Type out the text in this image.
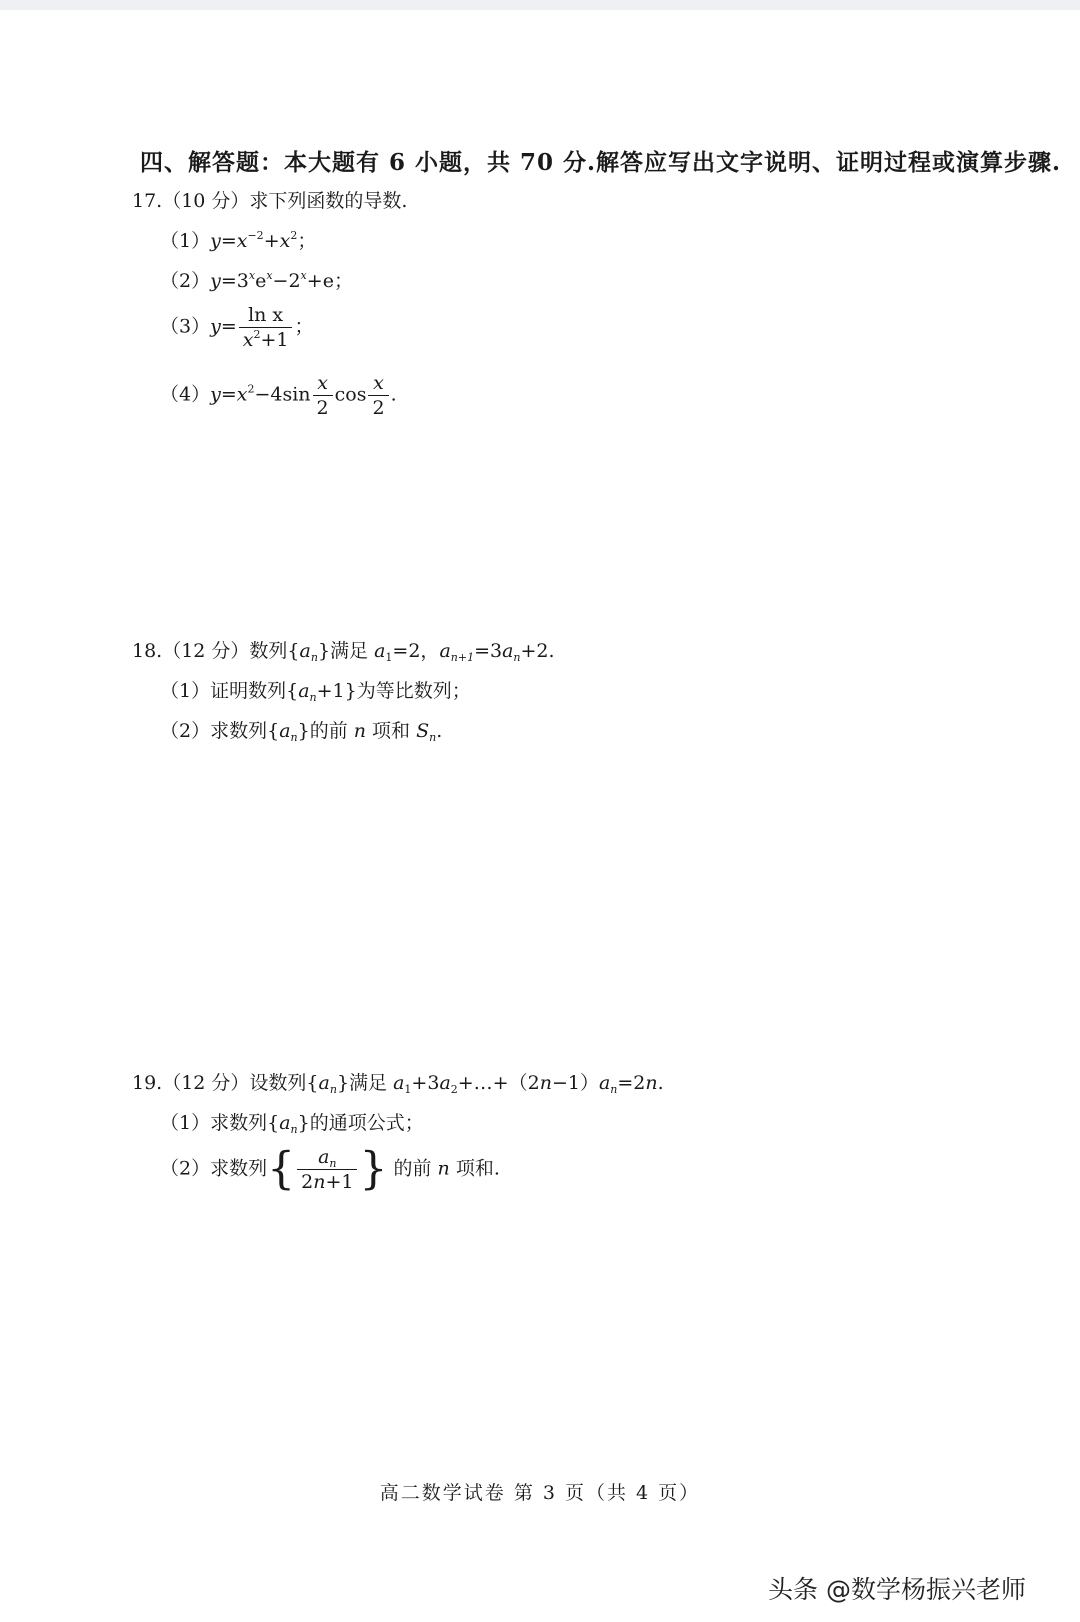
四、解答题：本大题有 6 小题，共 70 分.解答应写出文字说明、证明过程或演算步骤.
17.（10 分）求下列函数的导数.
$(1)y=x^{-2}+x^2$；
$(2)y=3^xe^x-2^x+e$；
$(3)y= \frac{\text{ln x}}{x^2+1}$ ；
$(4)y=x^2-4\sin \frac{x}{2}$ $\cos \frac{x}{2}$ .
18.（12 分）数列$\{a_n\}$满足 $a_1=2$，$a_{n+1}=3a_n+2$.
（1）证明数列$\{a_n+1\}$为等比数列；
（2）求数列$\{a_n\}$的前 n 项和 $S_n$.
19.（12 分）设数列$\{a_n\}$满足 $a_1+3a_2+\dots+(2n-1)a_n=2n$.
（1）求数列$\{a_n\}$的通项公式；
（2）求数列{ $\frac{a_n}{2n+1}$ } 的前 n 项和.
高二数学试卷 第 3 页（共 4 页）
头条 @数学杨振兴老师
